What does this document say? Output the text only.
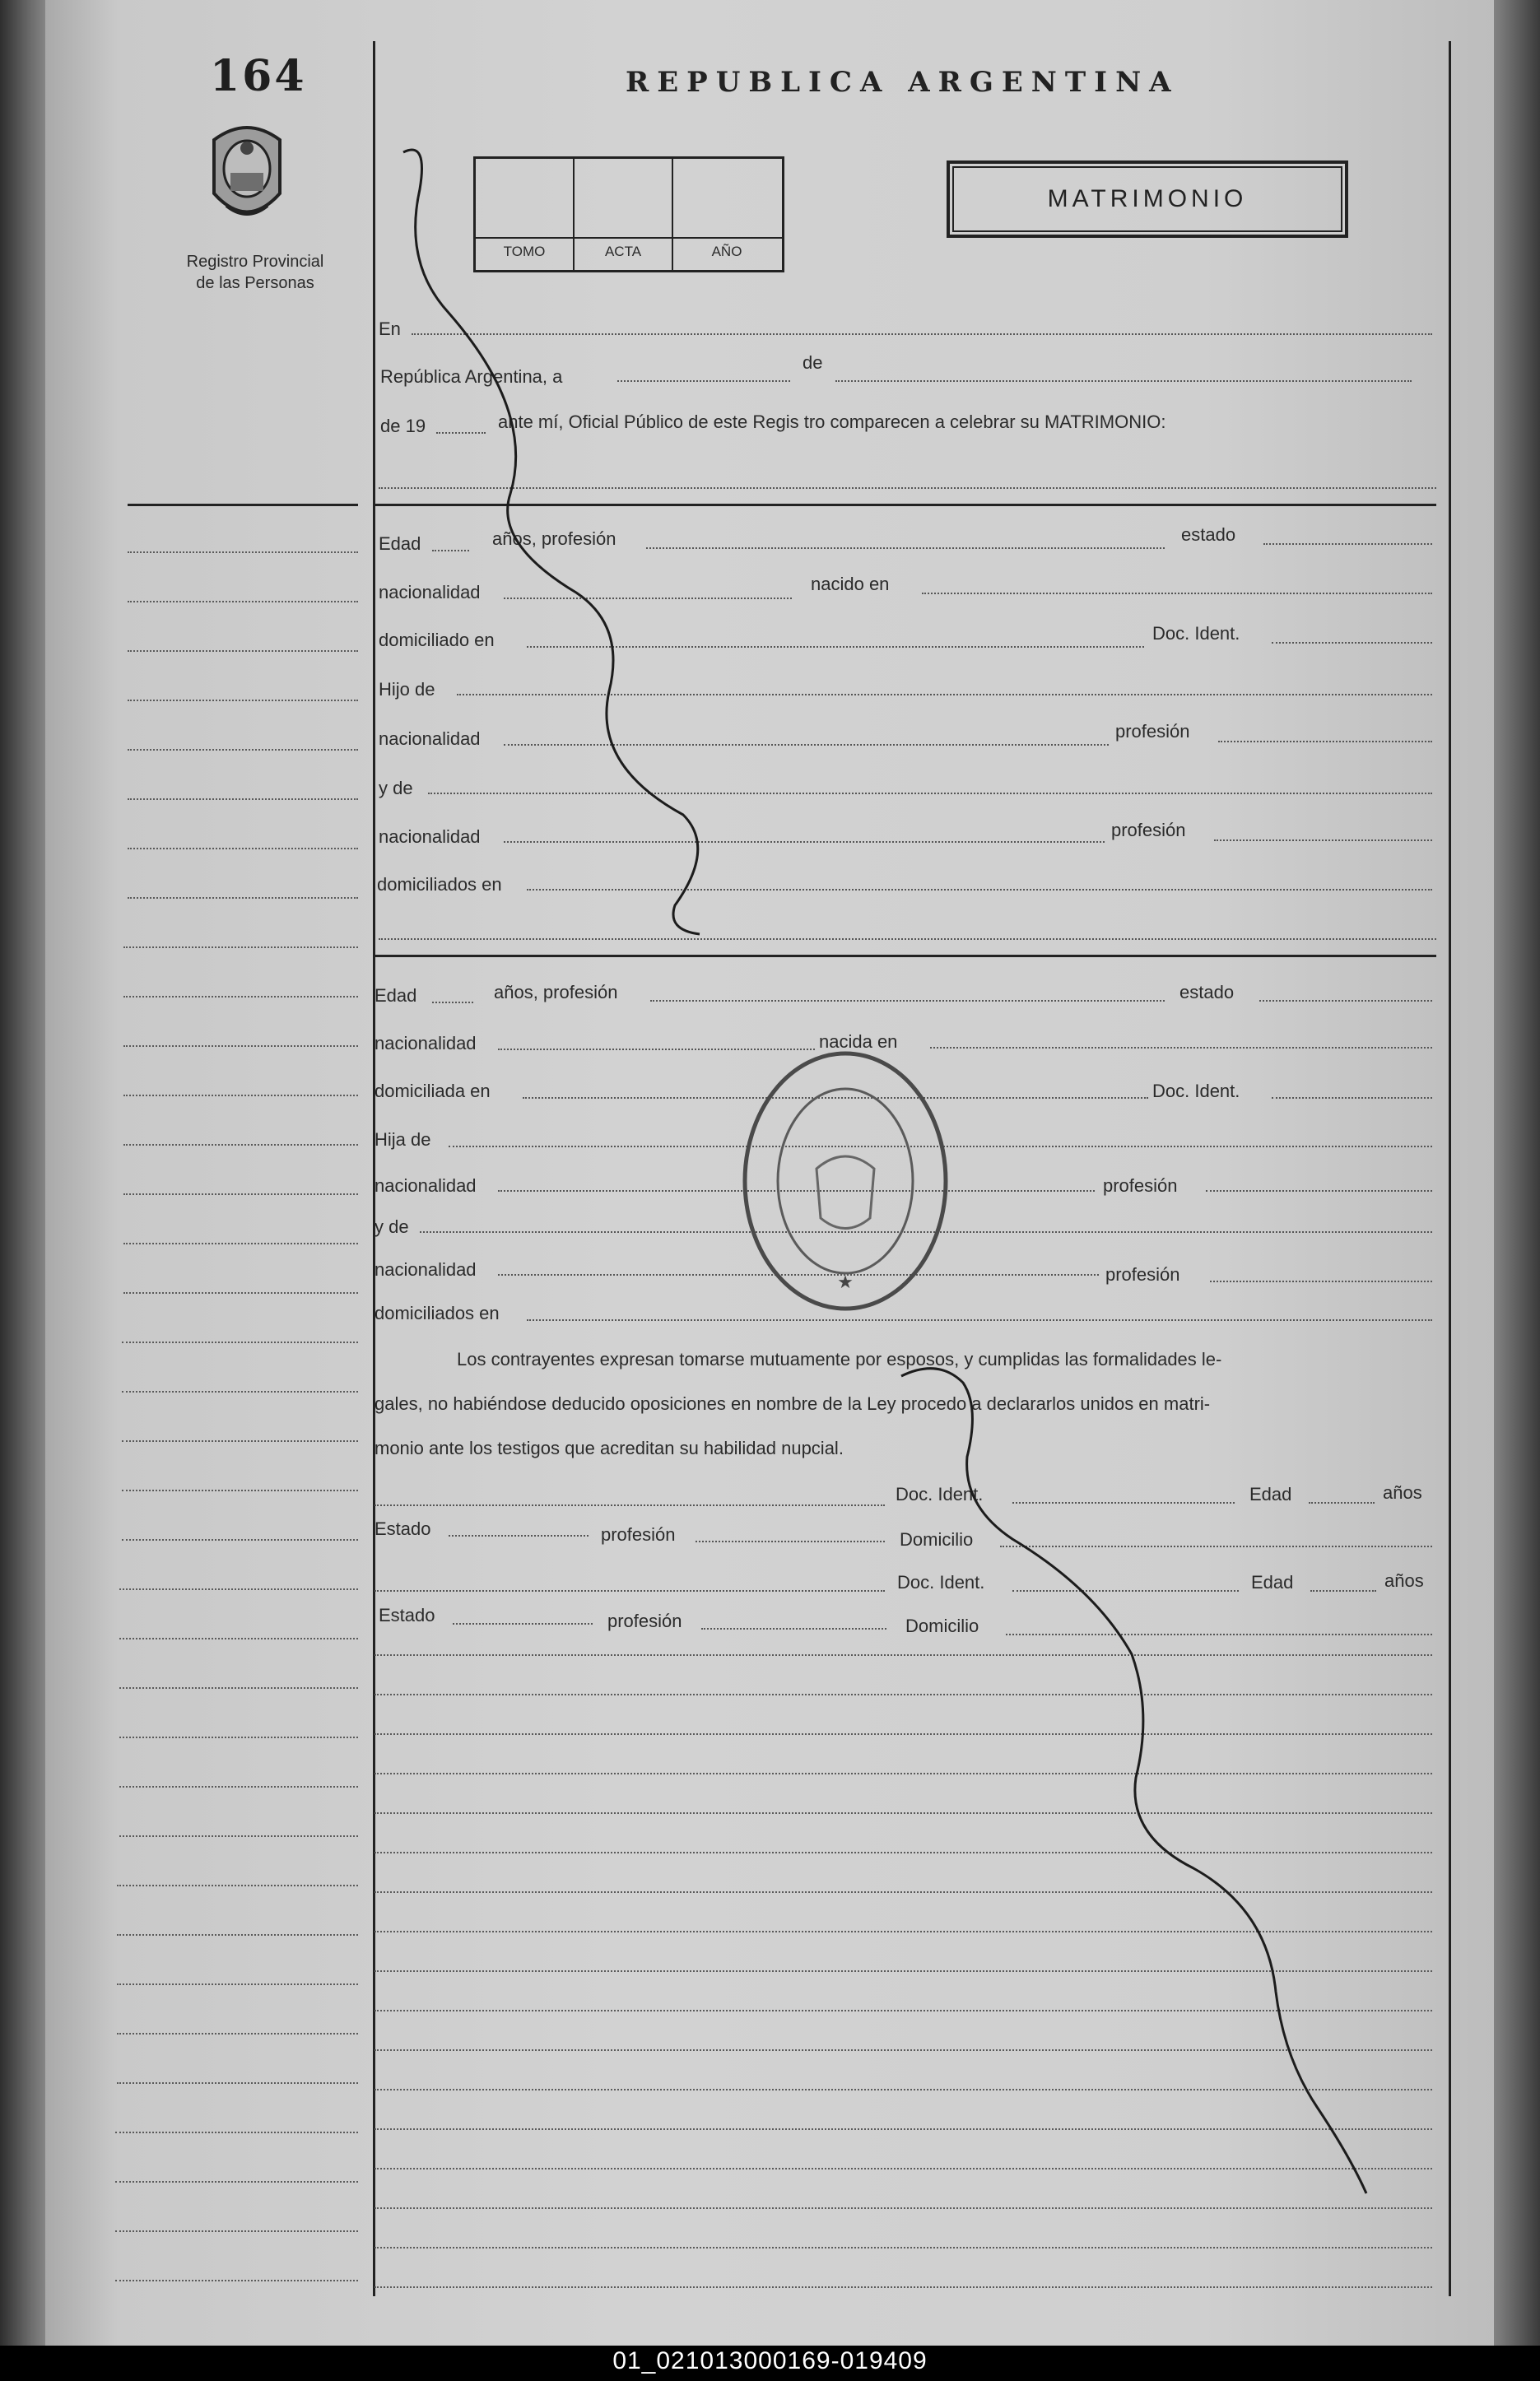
164
Registro Provincial
de las Personas
REPUBLICA ARGENTINA
TOMO	ACTA	AÑO
MATRIMONIO
En
República Argentina, a
de
de 19	ante mí, Oficial Público de este Regis tro comparecen a celebrar su MATRIMONIO:
Edad	años, profesión	estado
nacionalidad	nacido en
domiciliado en	Doc. Ident.
Hijo de
nacionalidad	profesión
y de
nacionalidad	profesión
domiciliados en
Edad	años, profesión	estado
nacionalidad	nacida en
domiciliada en	Doc. Ident.
Hija de
nacionalidad	profesión
y de
nacionalidad	profesión
domiciliados en
Los contrayentes expresan tomarse mutuamente por esposos, y cumplidas las formalidades le-
gales, no habiéndose deducido oposiciones en nombre de la Ley procedo a declararlos unidos en matri-
monio ante los testigos que acreditan su habilidad nupcial.
Doc. Ident.	Edad	años
Estado	profesión	Domicilio
Doc. Ident.	Edad	años
Estado	profesión	Domicilio
★
01_021013000169-019409
